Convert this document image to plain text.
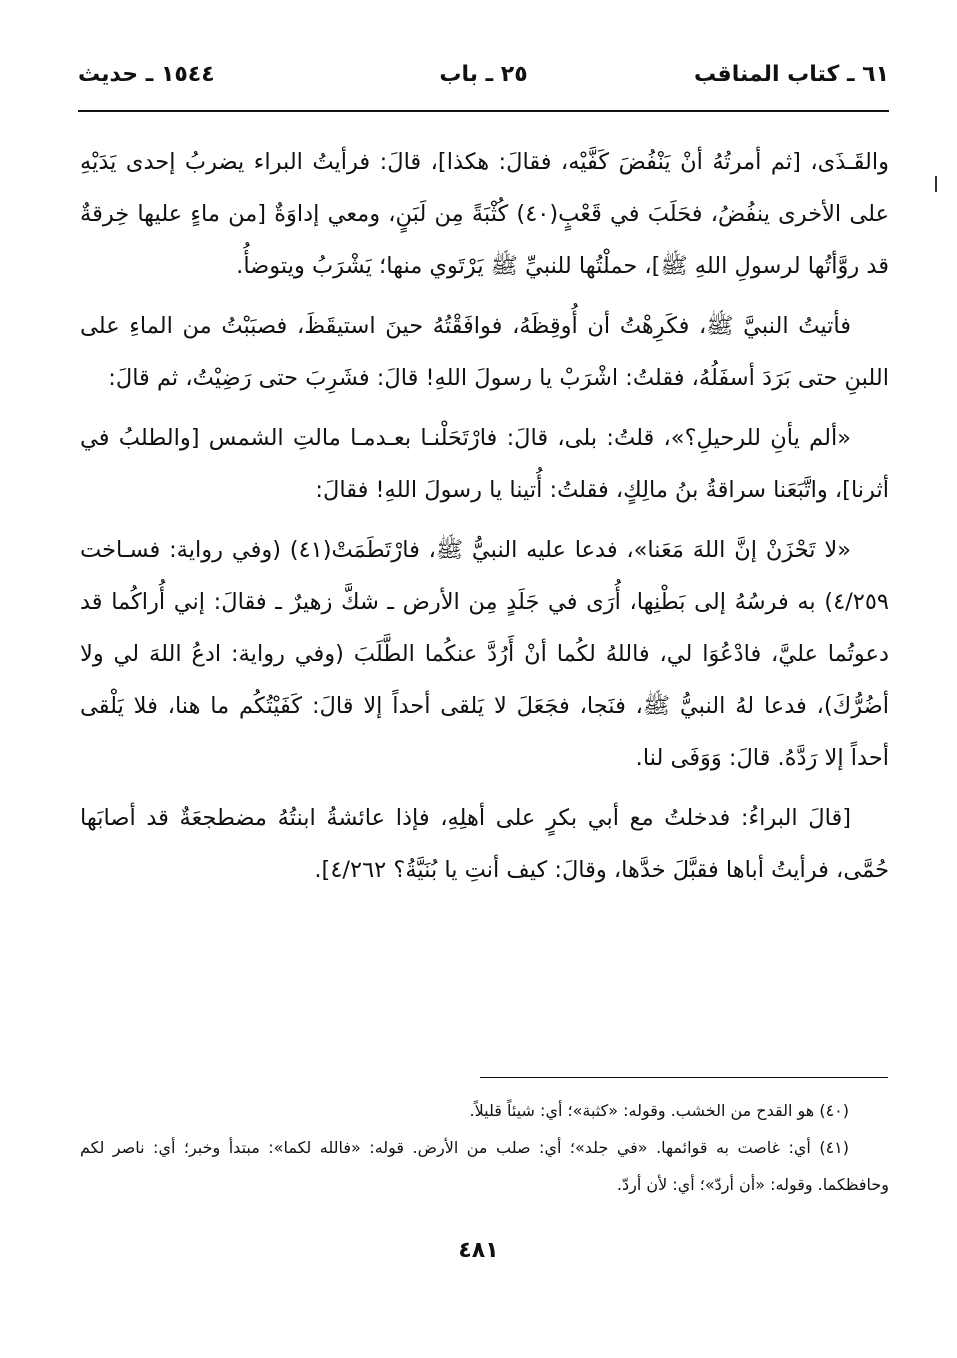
٦١ ـ كتاب المناقب
٢٥ ـ باب
١٥٤٤ ـ حديث

والقَـذَى، [ثم أمرتُهُ أنْ يَنْفُضَ كَفَّيْه، فقالَ: هكذا]، قالَ: فرأيتُ البراء يضربُ إحدى يَدَيْهِ على الأخرى ينفُضُ، فحَلَبَ في قَعْبٍ(٤٠) كُثْبَةً مِن لَبَنٍ، ومعي إداوَةٌ [من ماءٍ عليها خِرقةٌ قد روَّأتُها لرسولِ اللهِ ﷺ]، حملْتُها للنبيِّ ﷺ يَرْتَوي منها؛ يَشْرَبُ ويتوضأُ.

فأتيتُ النبيَّ ﷺ، فكَرِهْتُ أن أُوقِظَهُ، فوافَقْتُهُ حينَ استيقَظَ، فصبَبْتُ من الماءِ على اللبنِ حتى بَرَدَ أسفَلُهُ، فقلتُ: اشْرَبْ يا رسولَ اللهِ! قالَ: فشَرِبَ حتى رَضِيْتُ، ثم قالَ:

«ألم يأنِ للرحيلِ؟»، قلتُ: بلى، قالَ: فارْتَحَلْنـا بعـدمـا مالتِ الشمس [والطلبُ في أثرنا]، واتَّبَعَنا سراقةُ بنُ مالِكٍ، فقلتُ: أُتينا يا رسولَ اللهِ! فقالَ:

«لا تَحْزَنْ إنَّ اللهَ مَعَنا»، فدعا عليه النبيُّ ﷺ، فارْتَطَمَتْ(٤١) (وفي رواية: فسـاخت ٤/٢٥٩) به فرسُهُ إلى بَطْنِها، أُرَى في جَلَدٍ مِن الأرض ـ شكَّ زهيرٌ ـ فقالَ: إني أُراكُما قد دعوتُما عليَّ، فادْعُوَا لي، فاللهُ لكُما أنْ أَرُدَّ عنكُما الطَّلَبَ (وفي رواية: ادعُ اللهَ لي ولا أضُرُّكَ)، فدعا لهُ النبيُّ ﷺ، فنَجا، فجَعَلَ لا يَلقى أحداً إلا قالَ: كَفَيْتُكُم ما هنا، فلا يَلْقى أحداً إلا رَدَّهُ. قالَ: وَوَفَى لنا.

[قالَ البراءُ: فدخلتُ مع أبي بكرٍ على أهلِهِ، فإذا عائشةُ ابنتُهُ مضطجعَةٌ قد أصابَها حُمَّى، فرأيتُ أباها فقبَّلَ خدَّها، وقالَ: كيف أنتِ يا بُنَيَّةُ؟ ٤/٢٦٢].

(٤٠) هو القدح من الخشب. وقوله: «كثبة»؛ أي: شيئاً قليلاً.

(٤١) أي: غاصت به قوائمها. «في جلد»؛ أي: صلب من الأرض. قوله: «فالله لكما»: مبتدأ وخبر؛ أي: ناصر لكم وحافظكما. وقوله: «أن أردّ»؛ أي: لأن أردّ.

٤٨١
